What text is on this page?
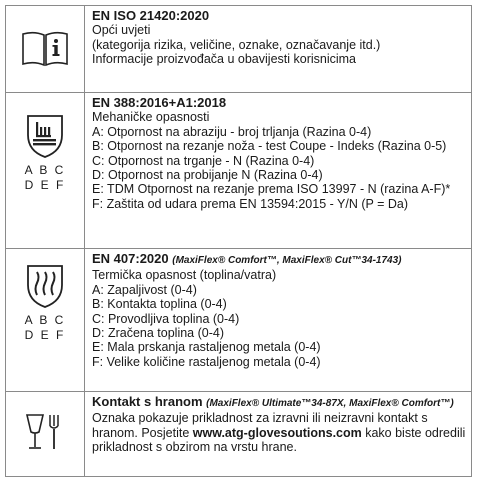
EN ISO 21420:2020
Opći uvjeti
(kategorija rizika, veličine, oznake, označavanje itd.)
Informacije proizvođača u obavijesti korisnicima
A B C
D E F
EN 388:2016+A1:2018
Mehaničke opasnosti
A: Otpornost na abraziju - broj trljanja (Razina 0-4)
B: Otpornost na rezanje noža - test Coupe - Indeks (Razina 0-5)
C: Otpornost na trganje - N (Razina 0-4)
D: Otpornost na probijanje N (Razina 0-4)
E: TDM Otpornost na rezanje prema ISO 13997 - N (razina A-F)*
F: Zaštita od udara prema EN 13594:2015 - Y/N (P = Da)
A B C
D E F
EN 407:2020 (MaxiFlex® Comfort™, MaxiFlex® Cut™34-1743)
Termička opasnost (toplina/vatra)
A: Zapaljivost (0-4)
B: Kontakta toplina (0-4)
C: Provodljiva toplina (0-4)
D: Zračena toplina (0-4)
E: Mala prskanja rastaljenog metala (0-4)
F: Velike količine rastaljenog metala (0-4)
Kontakt s hranom (MaxiFlex® Ultimate™34-87X, MaxiFlex® Comfort™)
Oznaka pokazuje prikladnost za izravni ili neizravni kontakt s hranom. Posjetite www.atg-glovesoutions.com kako biste odredili prikladnost s obzirom na vrstu hrane.
